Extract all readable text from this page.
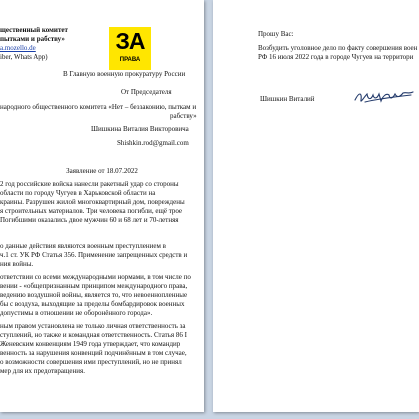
щественный комитет
пытками и рабству»
a.mozello.de
iber, Whats App)
ЗА
ПРАВА
В Главную военную прокуратуру России
От Председателя
народного общественного комитета «Нет – беззаконию, пыткам и
рабству»
Шишкина Виталия Викторовича
Shishkin.rod@gmail.com
Заявление от 18.07.2022
2 год российские войска нанесли ракетный удар со стороны
области по городу Чугуев в Харьковской области на
краины. Разрушен жилой многоквартирный дом, повреждены
я строительных материалов. Три человека погибли, ещё трое
Погибшими оказались двое мужчин 60 и 68 лет и 70-летняя
о данные действия являются военным преступлением в
ч.1 ст. УК РФ Статья 356. Применение запрещенных средств и
ния войны.
ответствии со всеми международными нормами, в том числе по
вении - «общепризнанным принципом международного права,
ведению воздушной войны, является то, что невоеннопленные
бы с воздуха, выходящие за пределы бомбардировок военных
допустимы в отношении не оборонённого города».
ным правом установлена не только личная ответственность за
ступлений, но также и командная ответственность. Статья 86 I
Женевским конвенциям 1949 года утверждает, что командир
венность за нарушения конвенций подчинённым в том случае,
о возможности совершения ими преступлений, но не принял
мер для их предотвращения.
Прошу Вас:
Возбудить уголовное дело по факту совершения воен
РФ 16 июля 2022 года в городе Чугуев на территори
Шишкин Виталий
